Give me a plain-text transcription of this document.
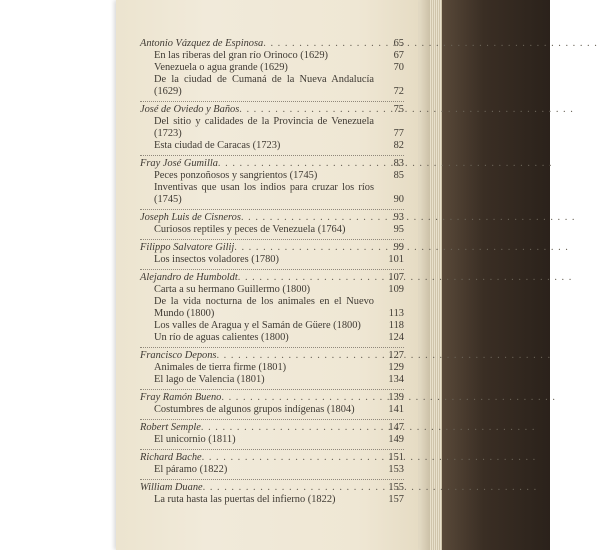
Antonio Vázquez de Espinosa . . .	65
En las riberas del gran río Orinoco (1629)	67
Venezuela o agua grande (1629)	70
De la ciudad de Cumaná de la Nueva Andalucía (1629)	72
José de Oviedo y Baños . . .	75
Del sitio y calidades de la Provincia de Venezuela (1723)	77
Esta ciudad de Caracas (1723)	82
Fray José Gumilla . . .	83
Peces ponzoñosos y sangrientos (1745)	85
Inventivas que usan los indios para cruzar los ríos (1745)	90
Joseph Luis de Cisneros . . .	93
Curiosos reptiles y peces de Venezuela (1764)	95
Filippo Salvatore Gilij . . .	99
Los insectos voladores (1780)	101
Alejandro de Humboldt . . .	107
Carta a su hermano Guillermo (1800)	109
De la vida nocturna de los animales en el Nuevo Mundo (1800)	113
Los valles de Aragua y el Samán de Güere (1800)	118
Un río de aguas calientes (1800)	124
Francisco Depons . . .	127
Animales de tierra firme (1801)	129
El lago de Valencia (1801)	134
Fray Ramón Bueno . . .	139
Costumbres de algunos grupos indígenas (1804)	141
Robert Semple . . .	147
El unicornio (1811)	149
Richard Bache . . .	151
El páramo (1822)	153
William Duane . . .	155
La ruta hasta las puertas del infierno (1822)	157
